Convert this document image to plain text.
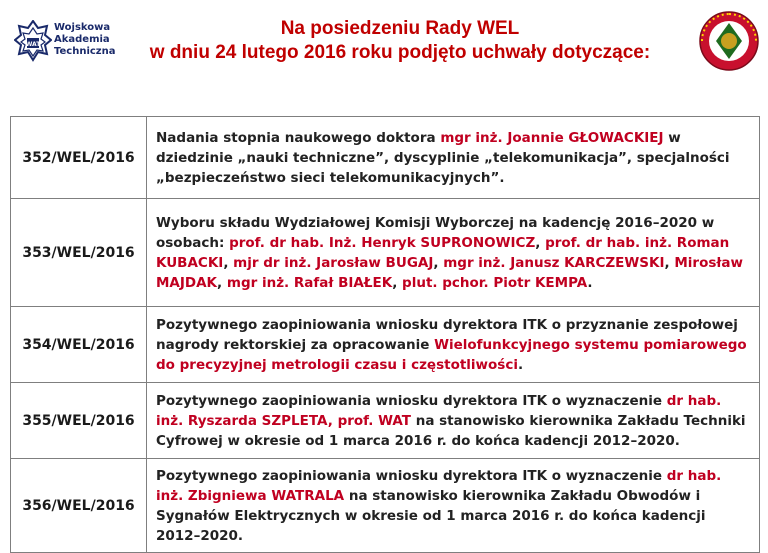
WAT
Wojskowa
Akademia
Techniczna
Na posiedzeniu Rady WEL
w dniu 24 lutego 2016 roku podjęto uchwały dotyczące:
352/WEL/2016	Nadania stopnia naukowego doktora mgr inż. Joannie GŁOWACKIEJ w dziedzinie „nauki techniczne”, dyscyplinie „telekomunikacja”, specjalności „bezpieczeństwo sieci telekomunikacyjnych”.
353/WEL/2016	Wyboru składu Wydziałowej Komisji Wyborczej na kadencję 2016–2020 w osobach: prof. dr hab. Inż. Henryk SUPRONOWICZ, prof. dr hab. inż. Roman KUBACKI, mjr dr inż. Jarosław BUGAJ, mgr inż. Janusz KARCZEWSKI, Mirosław MAJDAK, mgr inż. Rafał BIAŁEK, plut. pchor. Piotr KEMPA.
354/WEL/2016	Pozytywnego zaopiniowania wniosku dyrektora ITK o przyznanie zespołowej nagrody rektorskiej za opracowanie Wielofunkcyjnego systemu pomiarowego do precyzyjnej metrologii czasu i częstotliwości.
355/WEL/2016	Pozytywnego zaopiniowania wniosku dyrektora ITK o wyznaczenie dr hab. inż. Ryszarda SZPLETA, prof. WAT na stanowisko kierownika Zakładu Techniki Cyfrowej w okresie od 1 marca 2016 r. do końca kadencji 2012–2020.
356/WEL/2016	Pozytywnego zaopiniowania wniosku dyrektora ITK o wyznaczenie dr hab. inż. Zbigniewa WATRALA na stanowisko kierownika Zakładu Obwodów i Sygnałów Elektrycznych w okresie od 1 marca 2016 r. do końca kadencji 2012–2020.
